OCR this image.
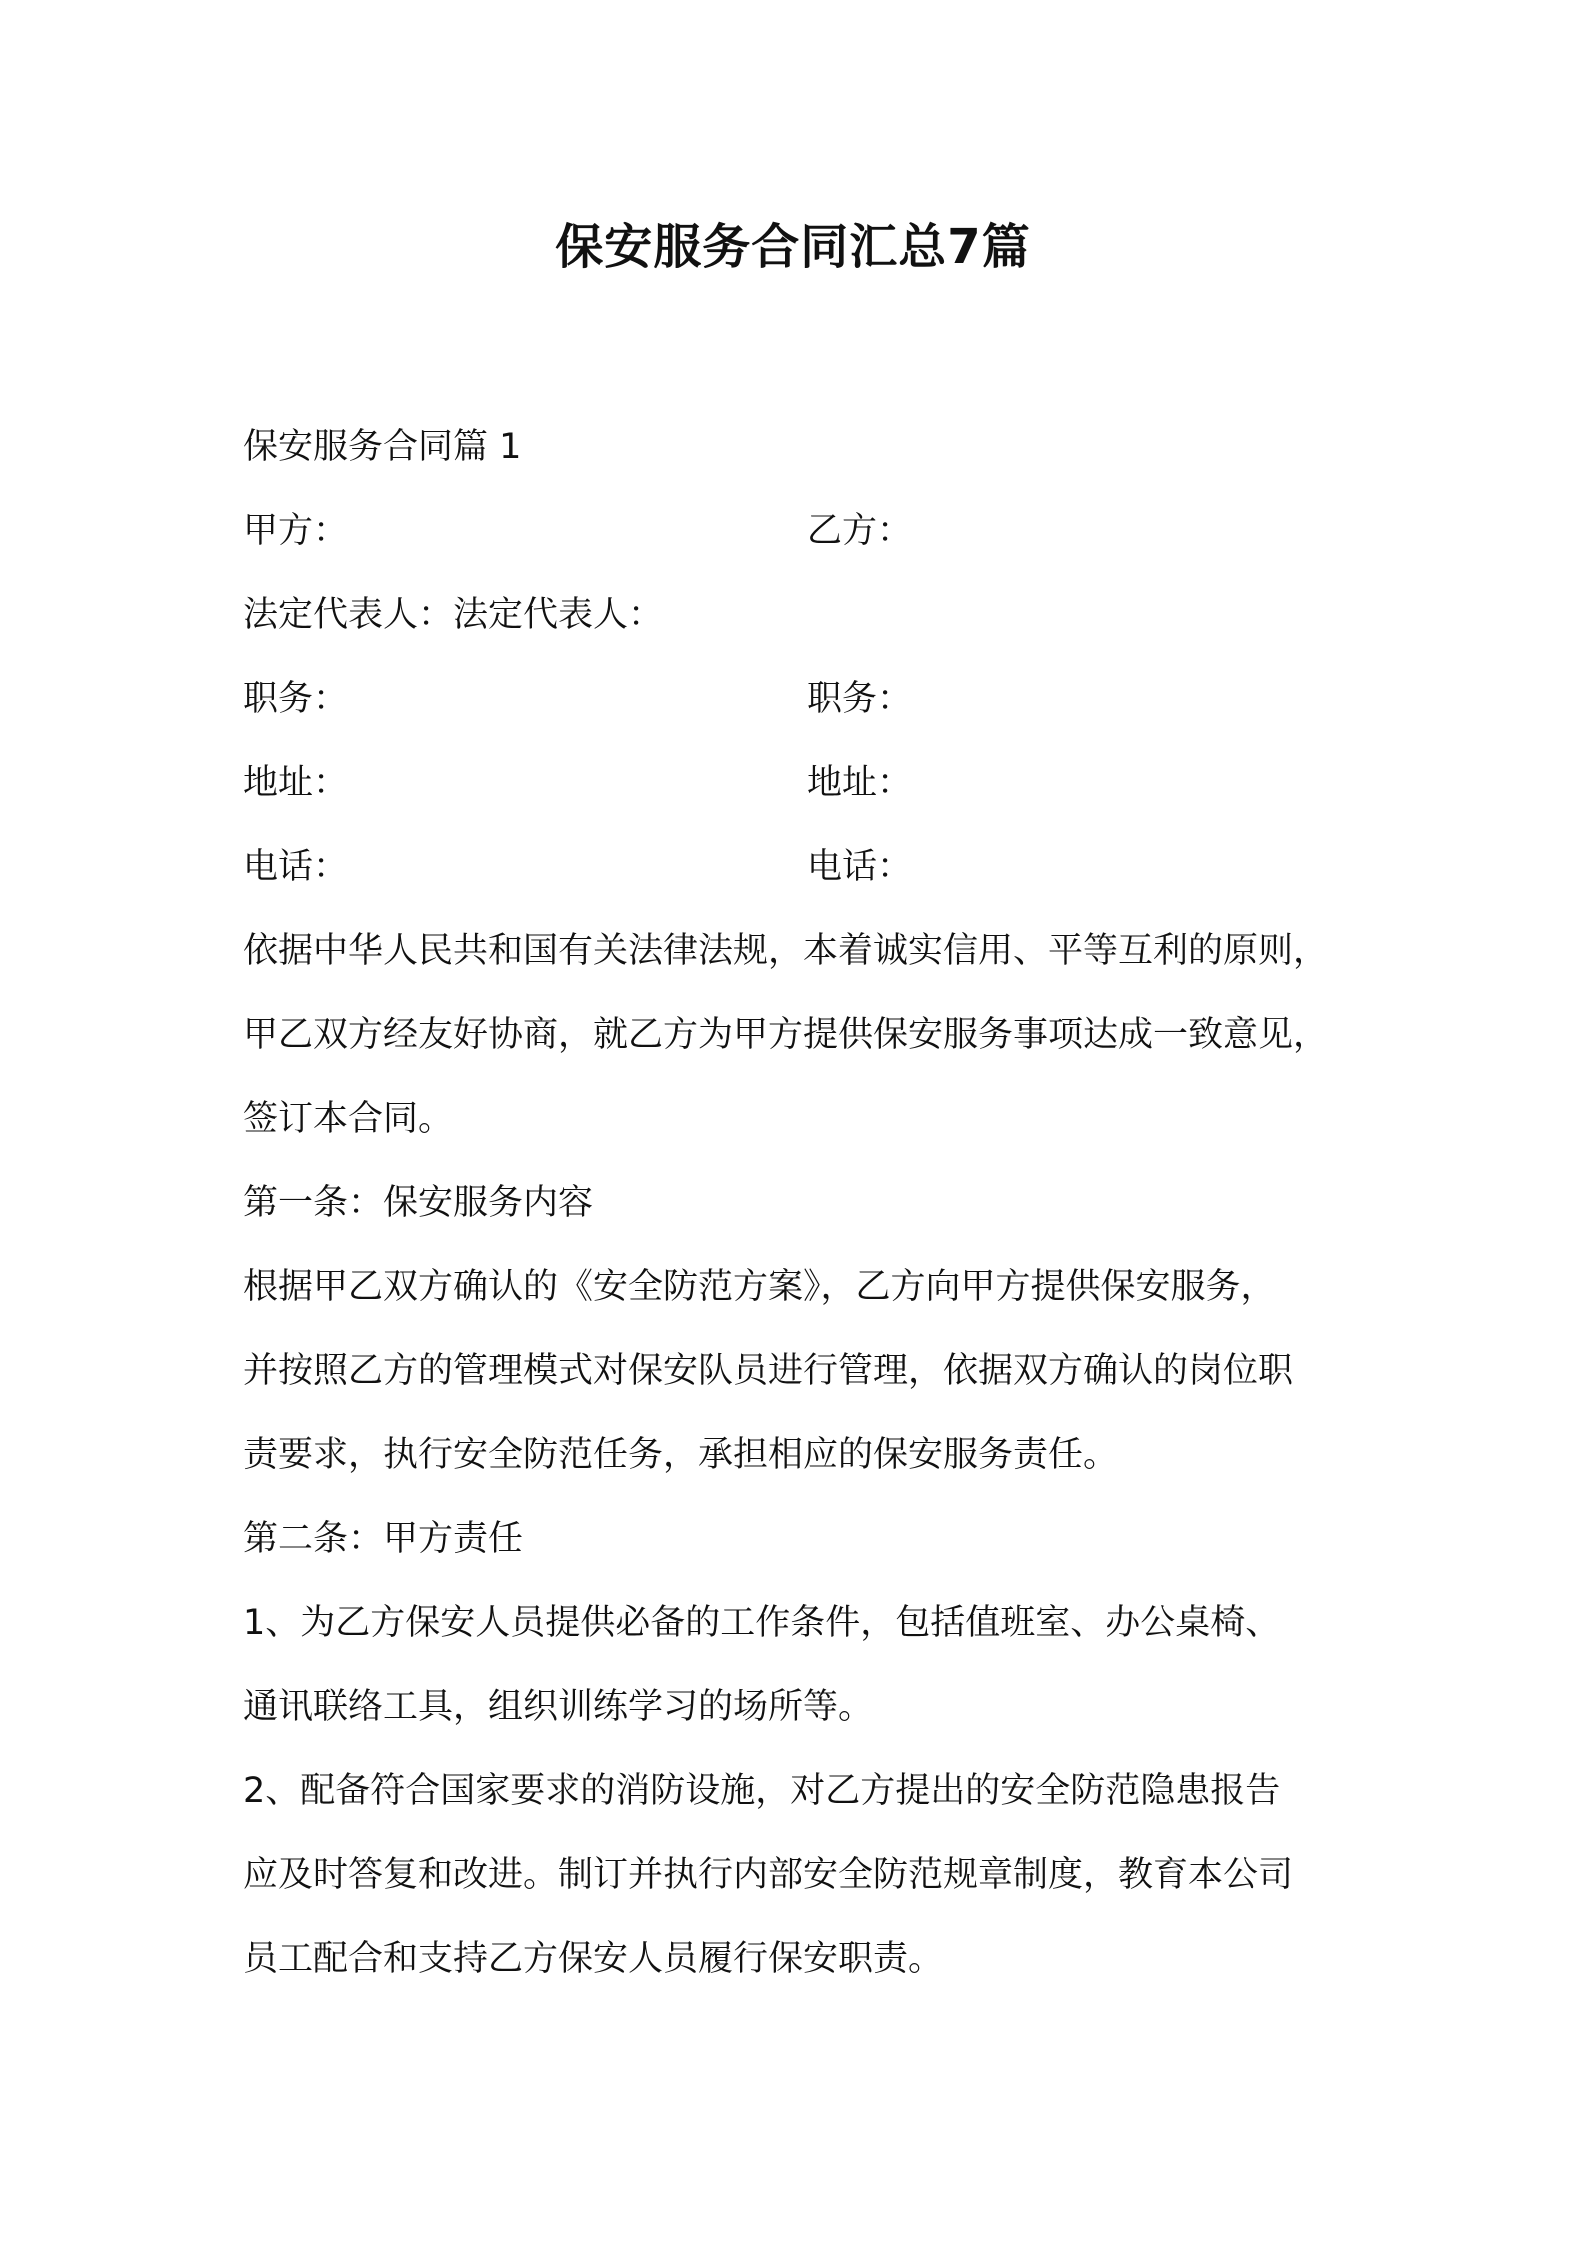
保安服务合同汇总7篇
保安服务合同篇 1
甲方：	乙方：
法定代表人：法定代表人：
职务：	职务：
地址：	地址：
电话：	电话：
依据中华人民共和国有关法律法规，本着诚实信用、平等互利的原则，
甲乙双方经友好协商，就乙方为甲方提供保安服务事项达成一致意见，
签订本合同。
第一条：保安服务内容
根据甲乙双方确认的《安全防范方案》，乙方向甲方提供保安服务，
并按照乙方的管理模式对保安队员进行管理，依据双方确认的岗位职
责要求，执行安全防范任务，承担相应的保安服务责任。
第二条：甲方责任
1、为乙方保安人员提供必备的工作条件，包括值班室、办公桌椅、
通讯联络工具，组织训练学习的场所等。
2、配备符合国家要求的消防设施，对乙方提出的安全防范隐患报告
应及时答复和改进。制订并执行内部安全防范规章制度，教育本公司
员工配合和支持乙方保安人员履行保安职责。
